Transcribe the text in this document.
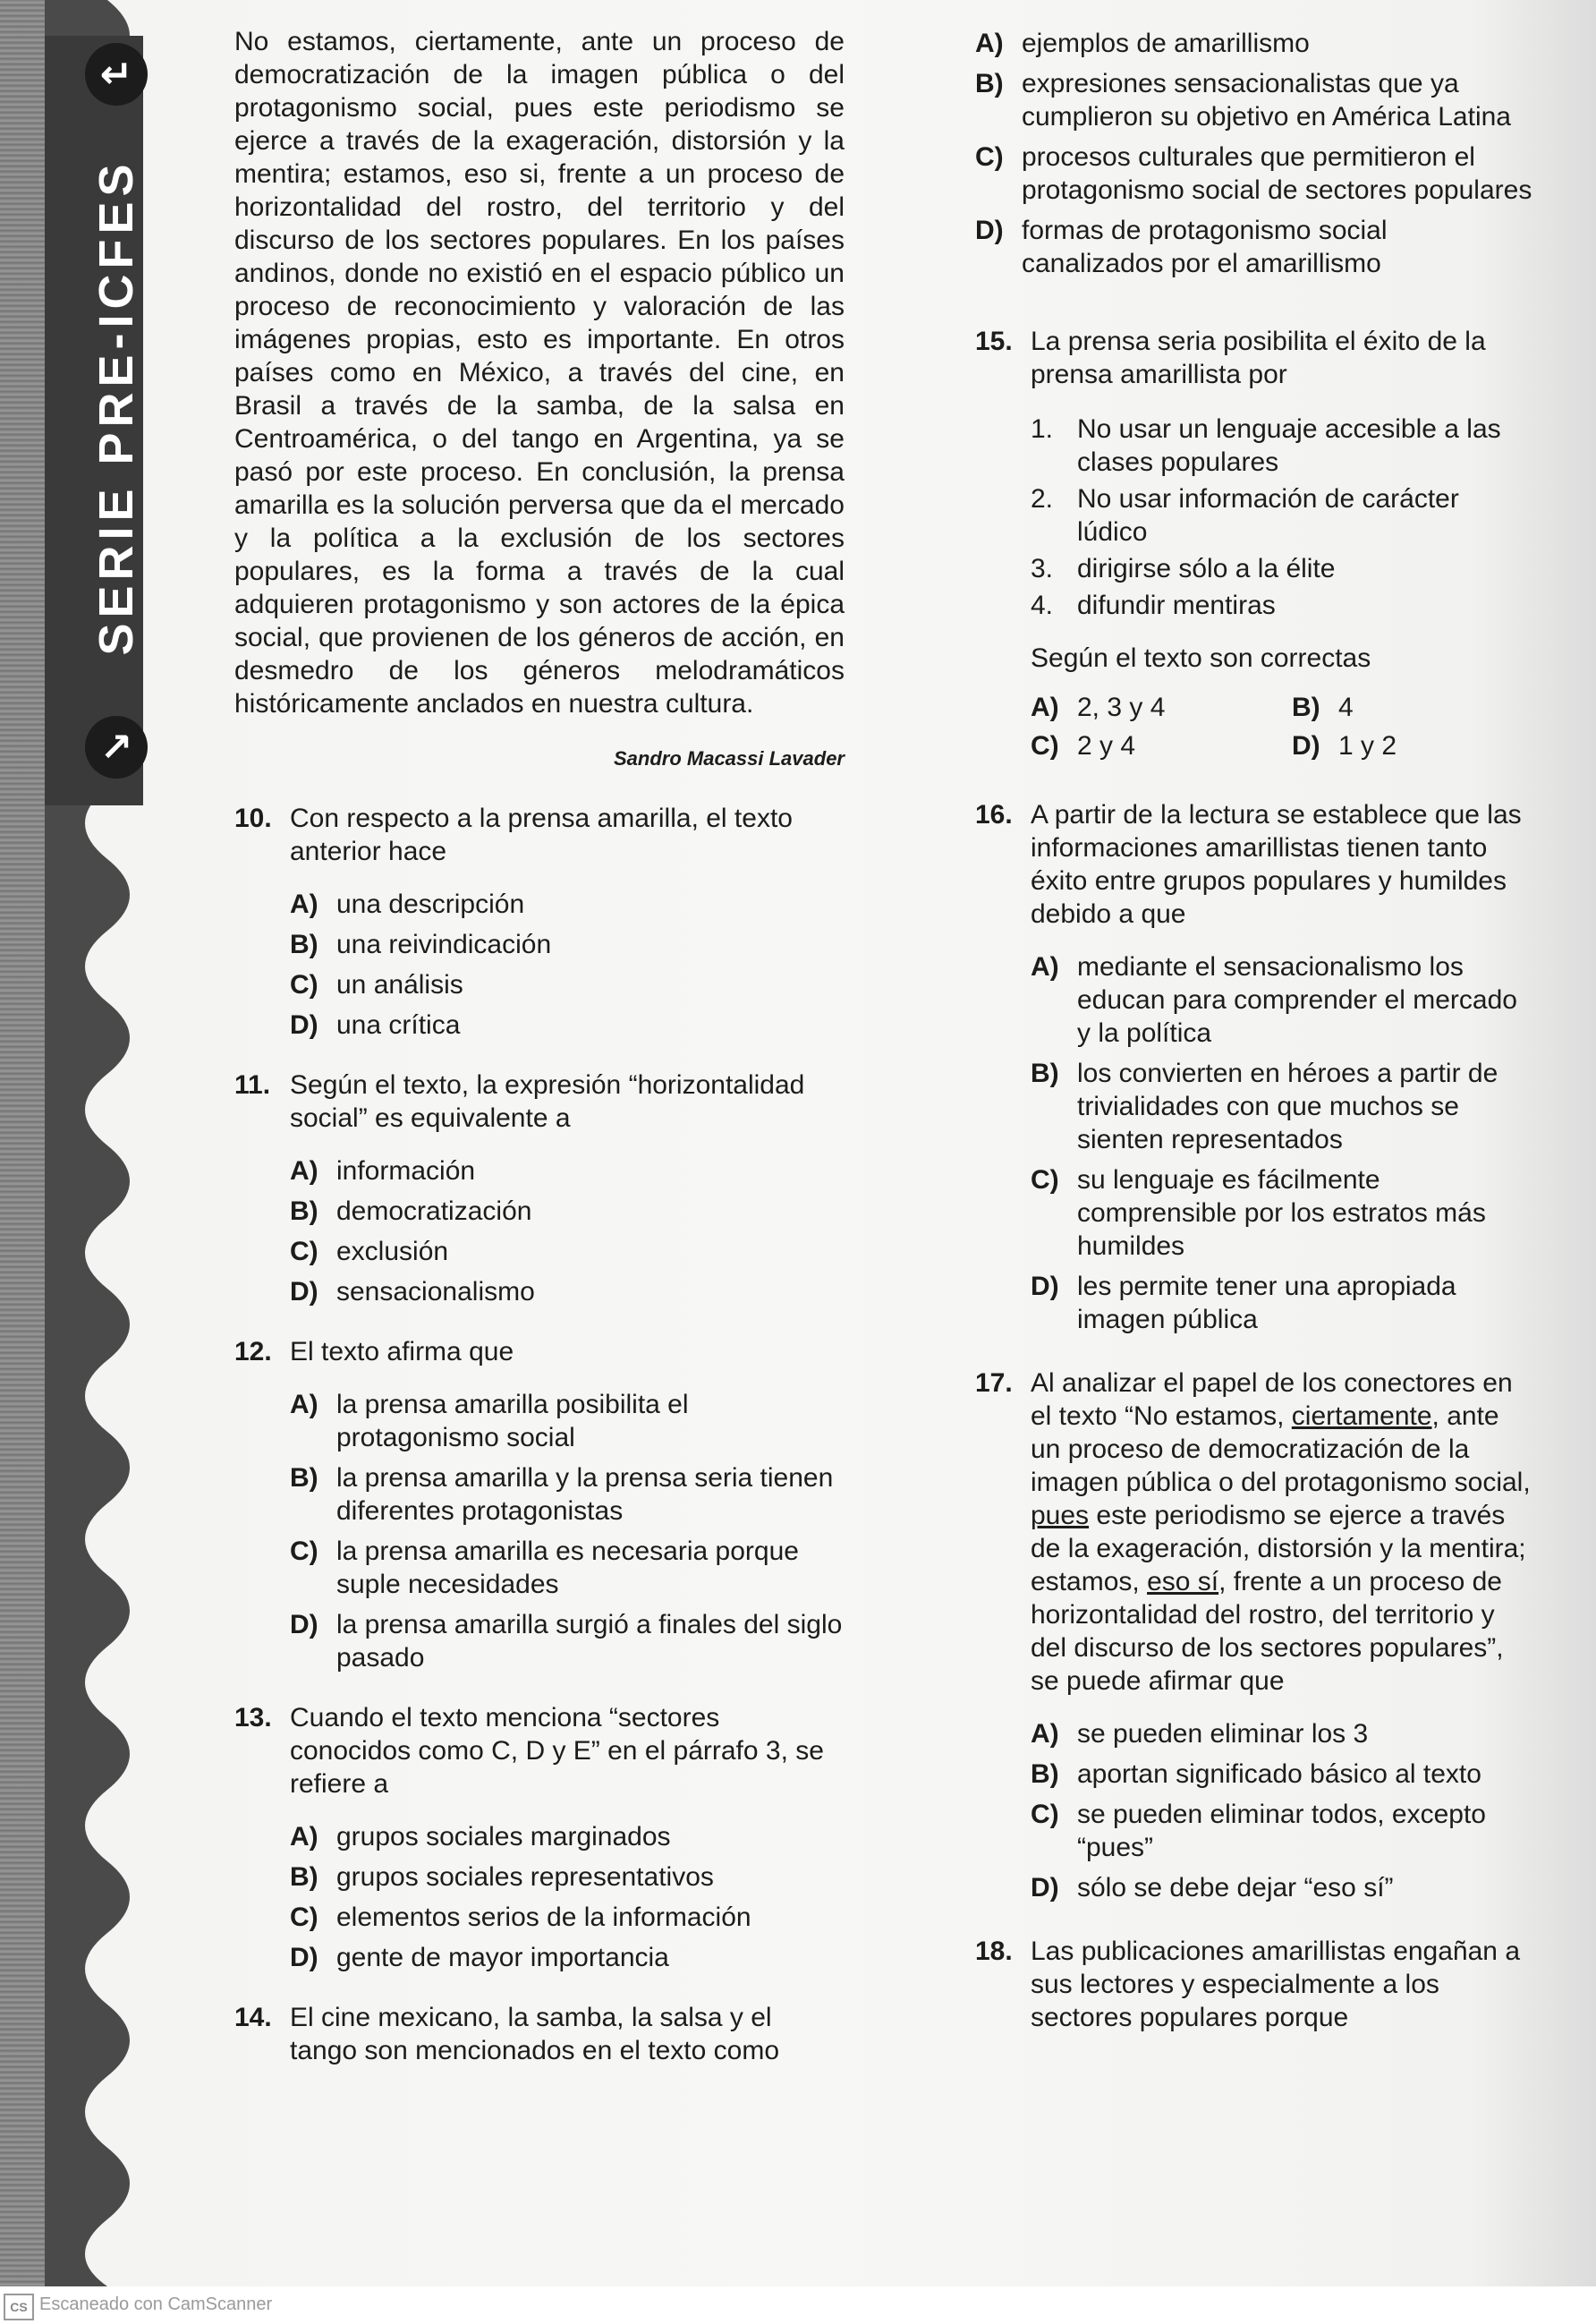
↵
SERIE PRE-ICFES
↗

No estamos, ciertamente, ante un proceso de democratización de la imagen pública o del protagonismo social, pues este periodismo se ejerce a través de la exageración, distorsión y la mentira; estamos, eso si, frente a un proceso de horizontalidad del rostro, del territorio y del discurso de los sectores populares. En los países andinos, donde no existió en el espacio público un proceso de reconocimiento y valoración de las imágenes propias, esto es importante. En otros países como en México, a través del cine, en Brasil a través de la samba, de la salsa en Centroamérica, o del tango en Argentina, ya se pasó por este proceso. En conclusión, la prensa amarilla es la solución perversa que da el mercado y la política a la exclusión de los sectores populares, es la forma a través de la cual adquieren protagonismo y son actores de la épica social, que provienen de los géneros de acción, en desmedro de los géneros melodramáticos históricamente anclados en nuestra cultura.

Sandro Macassi Lavader

10. Con respecto a la prensa amarilla, el texto anterior hace
A) una descripción
B) una reivindicación
C) un análisis
D) una crítica
11. Según el texto, la expresión “horizontalidad social” es equivalente a
A) información
B) democratización
C) exclusión
D) sensacionalismo
12. El texto afirma que
A) la prensa amarilla posibilita el protagonismo social
B) la prensa amarilla y la prensa seria tienen diferentes protagonistas
C) la prensa amarilla es necesaria porque suple necesidades
D) la prensa amarilla surgió a finales del siglo pasado
13. Cuando el texto menciona “sectores conocidos como C, D y E” en el párrafo 3, se refiere a
A) grupos sociales marginados
B) grupos sociales representativos
C) elementos serios de la información
D) gente de mayor importancia
14. El cine mexicano, la samba, la salsa y el tango son mencionados en el texto como
A) ejemplos de amarillismo
B) expresiones sensacionalistas que ya cumplieron su objetivo en América Latina
C) procesos culturales que permitieron el protagonismo social de sectores populares
D) formas de protagonismo social canalizados por el amarillismo
15. La prensa seria posibilita el éxito de la prensa amarillista por
1. No usar un lenguaje accesible a las clases populares
2. No usar información de carácter lúdico
3. dirigirse sólo a la élite
4. difundir mentiras
Según el texto son correctas
A) 2, 3 y 4	B) 4
C) 2 y 4	D) 1 y 2
16. A partir de la lectura se establece que las informaciones amarillistas tienen tanto éxito entre grupos populares y humildes debido a que
A) mediante el sensacionalismo los educan para comprender el mercado y la política
B) los convierten en héroes a partir de trivialidades con que muchos se sienten representados
C) su lenguaje es fácilmente comprensible por los estratos más humildes
D) les permite tener una apropiada imagen pública
17. Al analizar el papel de los conectores en el texto “No estamos, ciertamente, ante un proceso de democratización de la imagen pública o del protagonismo social, pues este periodismo se ejerce a través de la exageración, distorsión y la mentira; estamos, eso sí, frente a un proceso de horizontalidad del rostro, del territorio y del discurso de los sectores populares”, se puede afirmar que
A) se pueden eliminar los 3
B) aportan significado básico al texto
C) se pueden eliminar todos, excepto “pues”
D) sólo se debe dejar “eso sí”
18. Las publicaciones amarillistas engañan a sus lectores y especialmente a los sectores populares porque
CS Escaneado con CamScanner
